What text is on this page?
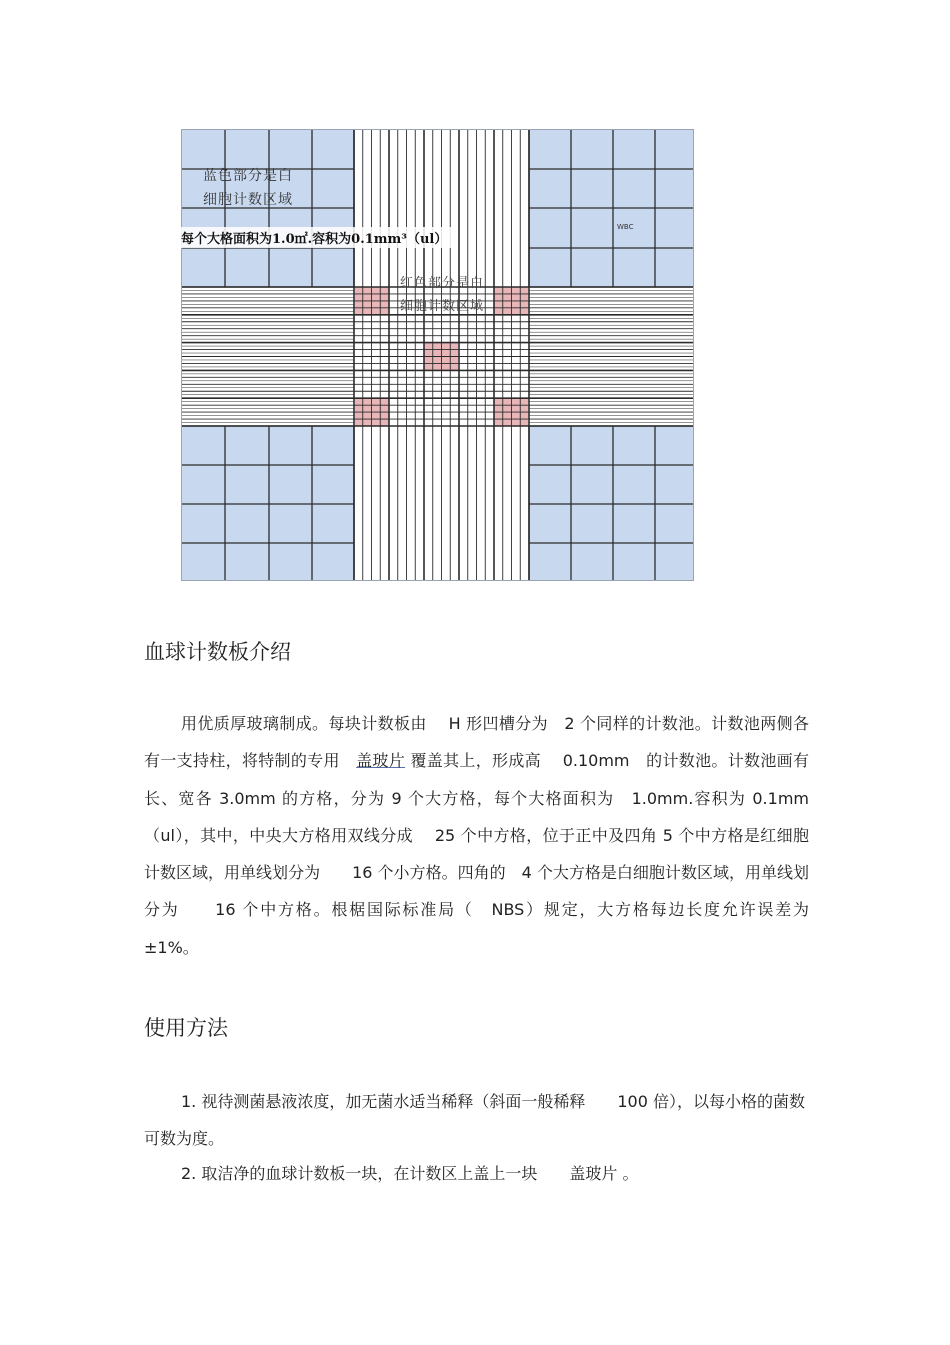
蓝色部分是白
细胞计数区域
每个大格面积为1.0㎡.容积为0.1mm³（ul）
WBC
红色部分是白
细胞计数区域
血球计数板介绍
用优质厚玻璃制成。每块计数板由　 H 形凹槽分为　2 个同样的计数池。计数池两侧各有一支持柱，将特制的专用　盖玻片 覆盖其上，形成高　 0.10mm　的计数池。计数池画有长、宽各 3.0mm 的方格，分为 9 个大方格，每个大格面积为　1.0mm.容积为 0.1mm （ul），其中，中央大方格用双线分成　 25 个中方格，位于正中及四角 5 个中方格是红细胞计数区域，用单线划分为　　16 个小方格。四角的　4 个大方格是白细胞计数区域，用单线划分为　　16 个中方格。根椐国际标准局（　NBS）规定，大方格每边长度允许误差为　±1%。
使用方法
1. 视待测菌悬液浓度，加无菌水适当稀释（斜面一般稀释　　100 倍），以每小格的菌数可数为度。
2. 取洁净的血球计数板一块，在计数区上盖上一块　　盖玻片 。
